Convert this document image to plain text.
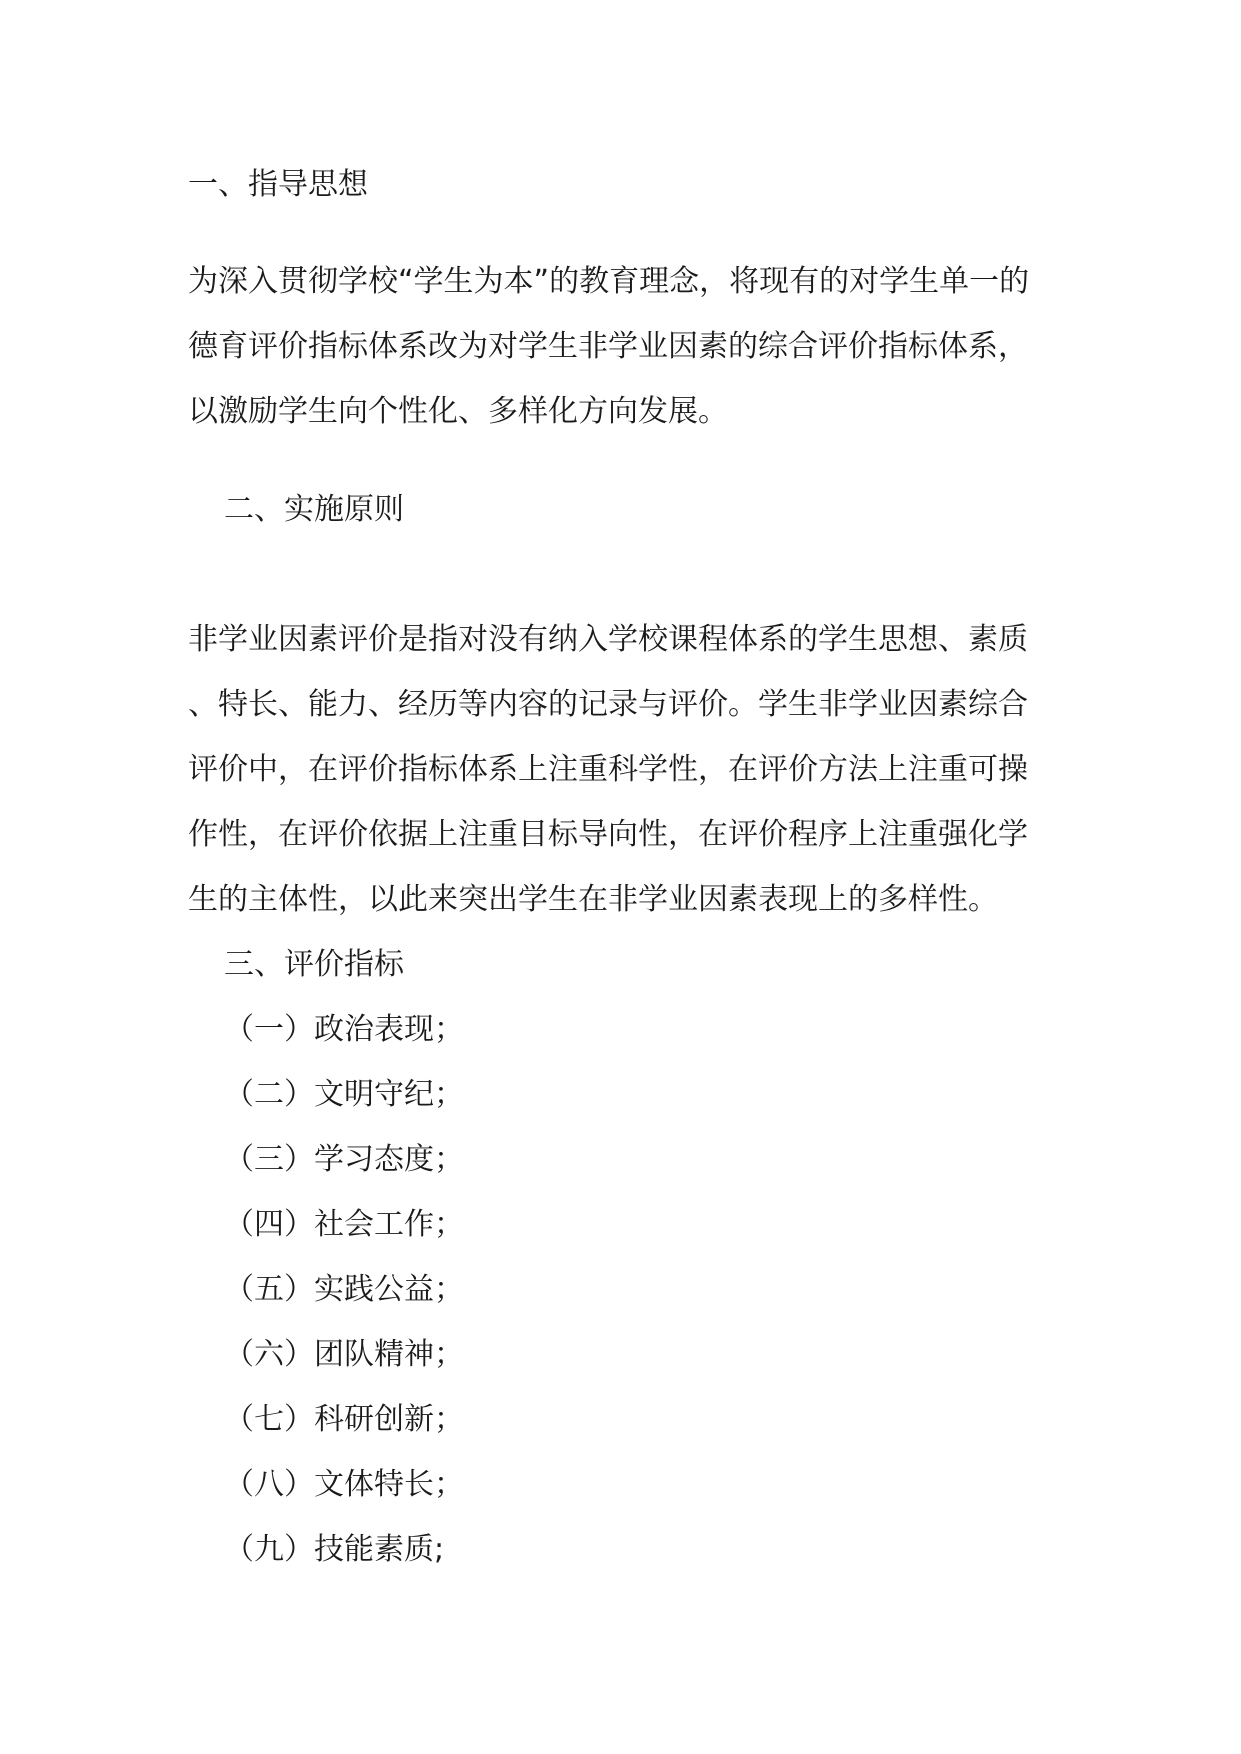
一、指导思想
为深入贯彻学校“学生为本”的教育理念，将现有的对学生单一的
德育评价指标体系改为对学生非学业因素的综合评价指标体系，
以激励学生向个性化、多样化方向发展。
二、实施原则
非学业因素评价是指对没有纳入学校课程体系的学生思想、素质
、特长、能力、经历等内容的记录与评价。学生非学业因素综合
评价中，在评价指标体系上注重科学性，在评价方法上注重可操
作性，在评价依据上注重目标导向性，在评价程序上注重强化学
生的主体性，以此来突出学生在非学业因素表现上的多样性。
三、评价指标
（一）政治表现；
（二）文明守纪；
（三）学习态度；
（四）社会工作；
（五）实践公益；
（六）团队精神；
（七）科研创新；
（八）文体特长；
（九）技能素质;
